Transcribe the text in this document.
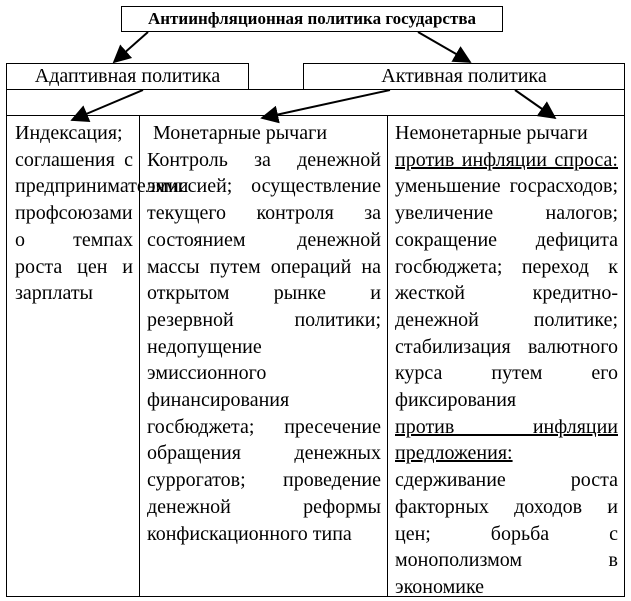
Антиинфляционная политика государства
Адаптивная политика	Активная политика
Индексация; соглашения с предпринимателями профсоюзами о темпах роста цен и зарплаты
Монетарные рычаги
Контроль за денежной эмиссией; осуществление текущего контроля за состоянием денежной массы путем операций на открытом рынке и резервной политики; недопущение эмиссионного финансирования госбюджета; пресечение обращения денежных суррогатов; проведение денежной реформы конфискационного типа
Немонетарные рычаги
против инфляции спроса: уменьшение госрасходов; увеличение налогов; сокращение дефицита госбюджета; переход к жесткой кредитно-денежной политике; стабилизация валютного курса путем его фиксирования
против инфляции предложения: сдерживание роста факторных доходов и цен; борьба с монополизмом в экономике
